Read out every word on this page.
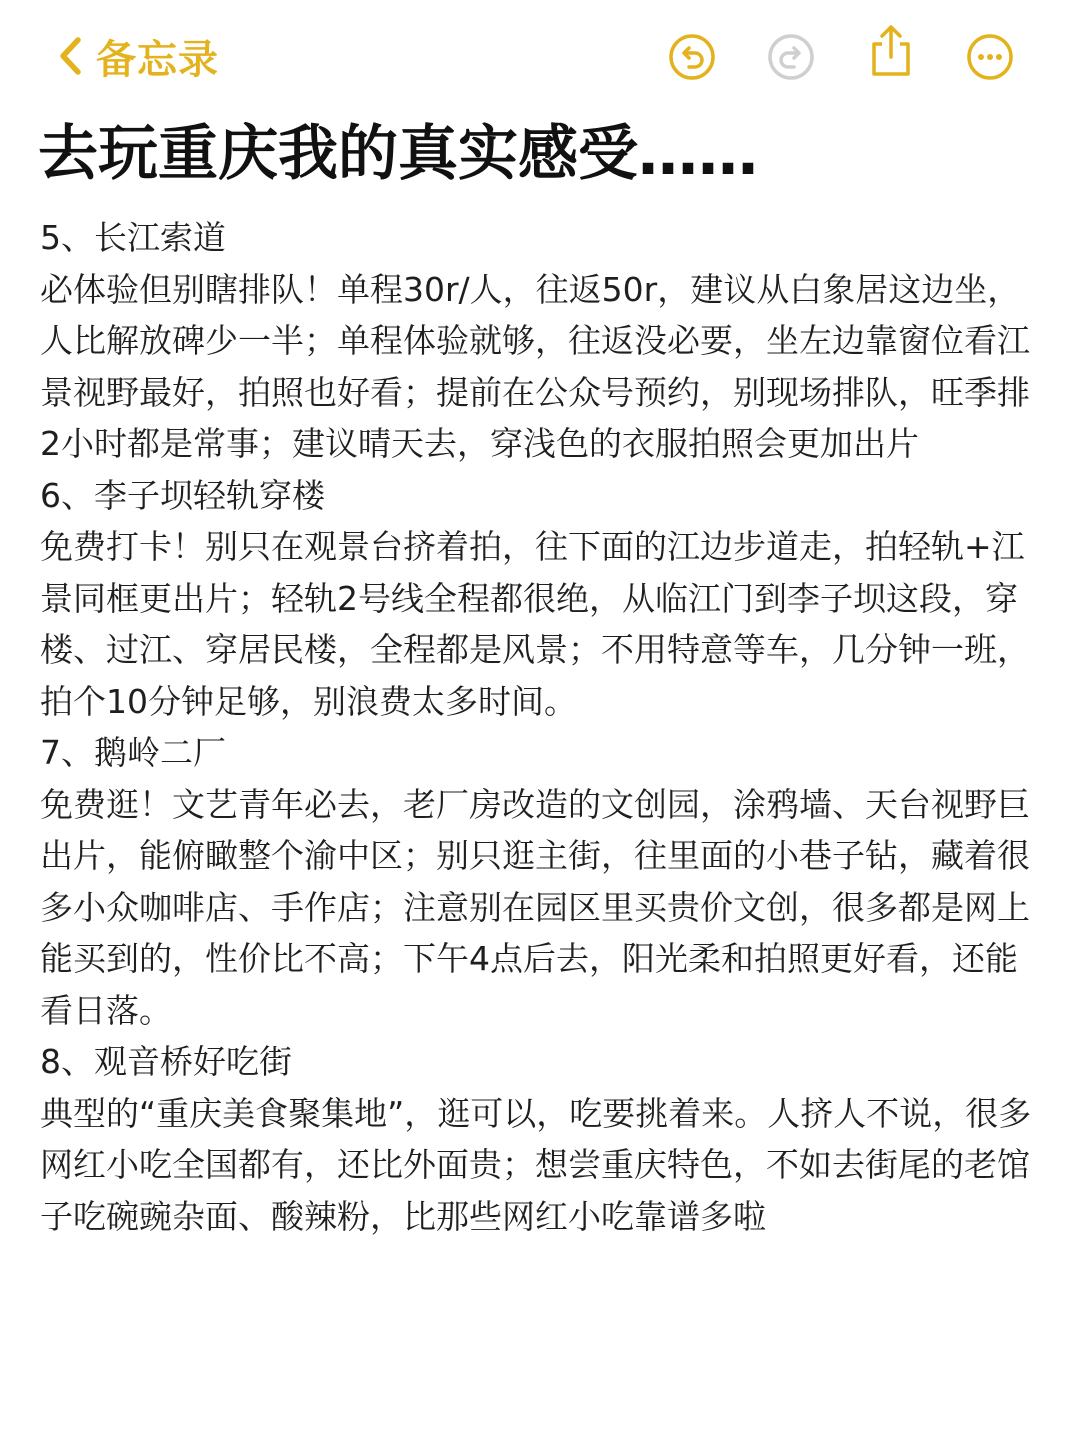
备忘录
去玩重庆我的真实感受……

5、长江索道

必体验但别瞎排队！单程30r/人，往返50r，建议从白象居这边坐，人比解放碑少一半；单程体验就够，往返没必要，坐左边靠窗位看江景视野最好，拍照也好看；提前在公众号预约，别现场排队，旺季排2小时都是常事；建议晴天去，穿浅色的衣服拍照会更加出片

6、李子坝轻轨穿楼

免费打卡！别只在观景台挤着拍，往下面的江边步道走，拍轻轨+江景同框更出片；轻轨2号线全程都很绝，从临江门到李子坝这段，穿楼、过江、穿居民楼，全程都是风景；不用特意等车，几分钟一班，拍个10分钟足够，别浪费太多时间。

7、鹅岭二厂

免费逛！文艺青年必去，老厂房改造的文创园，涂鸦墙、天台视野巨出片，能俯瞰整个渝中区；别只逛主街，往里面的小巷子钻，藏着很多小众咖啡店、手作店；注意别在园区里买贵价文创，很多都是网上能买到的，性价比不高；下午4点后去，阳光柔和拍照更好看，还能看日落。

8、观音桥好吃街

典型的“重庆美食聚集地”，逛可以，吃要挑着来。人挤人不说，很多网红小吃全国都有，还比外面贵；想尝重庆特色，不如去街尾的老馆子吃碗豌杂面、酸辣粉，比那些网红小吃靠谱多啦
